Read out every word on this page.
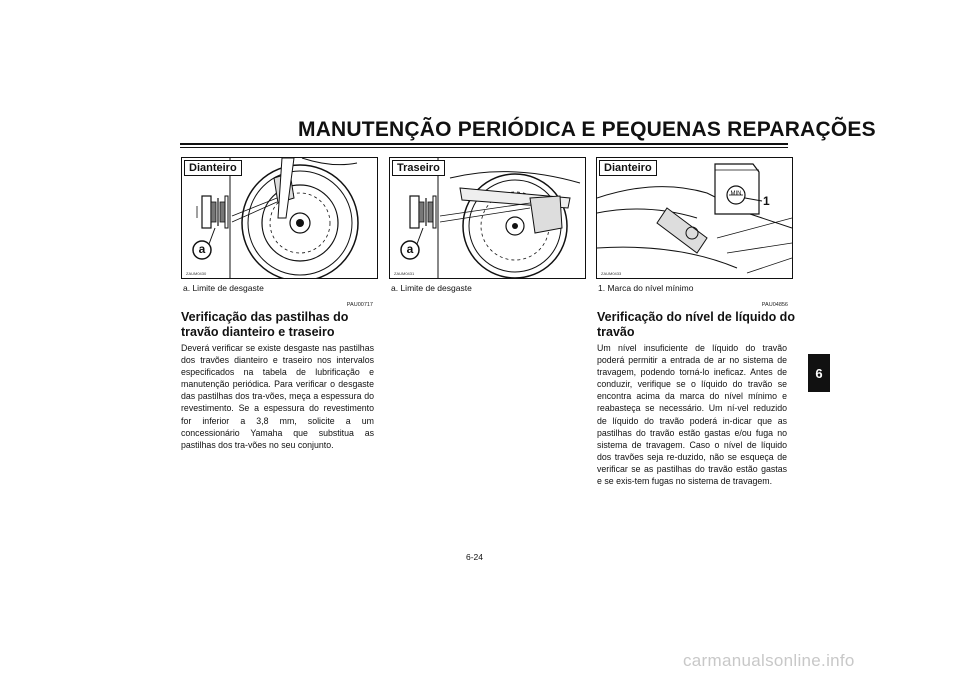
MANUTENÇÃO PERIÓDICA E PEQUENAS REPARAÇÕES
6
Dianteiro
a
ZAUM0430
Traseiro
a
ZAUM0431
Dianteiro
MIN 1
ZAUM0433
a. Limite de desgaste	a. Limite de desgaste	1. Marca do nível mínimo
PAU00717
Verificação das pastilhas do
travão dianteiro e traseiro

Deverá verificar se existe desgaste nas pastilhas dos travões dianteiro e traseiro nos intervalos especificados na tabela de lubrificação e manutenção periódica. Para verificar o desgaste das pastilhas dos tra-vões, meça a espessura do revestimento. Se a espessura do revestimento for inferior a 3,8 mm, solicite a um concessionário Yamaha que substitua as pastilhas dos tra-vões no seu conjunto.

PAU04856
Verificação do nível de líquido do
travão

Um nível insuficiente de líquido do travão poderá permitir a entrada de ar no sistema de travagem, podendo torná-lo ineficaz. Antes de conduzir, verifique se o líquido do travão se encontra acima da marca do nível mínimo e reabasteça se necessário. Um ní-vel reduzido de líquido do travão poderá in-dicar que as pastilhas do travão estão gastas e/ou fuga no sistema de travagem. Caso o nível de líquido dos travões seja re-duzido, não se esqueça de verificar se as pastilhas do travão estão gastas e se exis-tem fugas no sistema de travagem.

6-24
carmanualsonline.info
